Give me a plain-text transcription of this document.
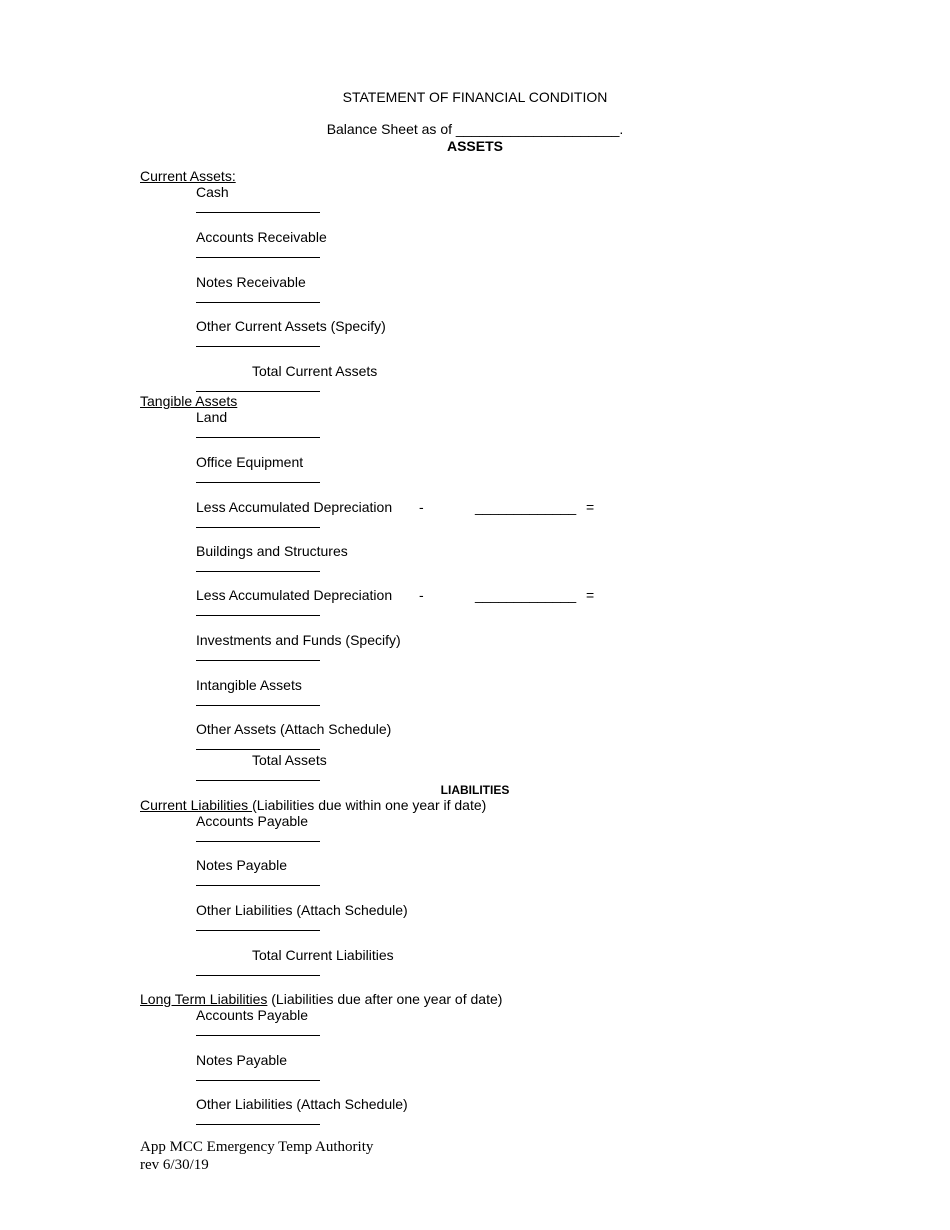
STATEMENT OF FINANCIAL CONDITION
Balance Sheet as of _____________________.
ASSETS
Current Assets:
Cash
Accounts Receivable
Notes Receivable
Other Current Assets (Specify)
Total Current Assets
Tangible Assets
Land
Office Equipment
Less Accumulated Depreciation -	_____________ =
Buildings and Structures
Less Accumulated Depreciation -	_____________ =
Investments and Funds (Specify)
Intangible Assets
Other Assets (Attach Schedule)
Total Assets
LIABILITIES
Current Liabilities (Liabilities due within one year if date)
Accounts Payable
Notes Payable
Other Liabilities (Attach Schedule)
Total Current Liabilities
Long Term Liabilities (Liabilities due after one year of date)
Accounts Payable
Notes Payable
Other Liabilities (Attach Schedule)
App MCC Emergency Temp Authority
rev 6/30/19
